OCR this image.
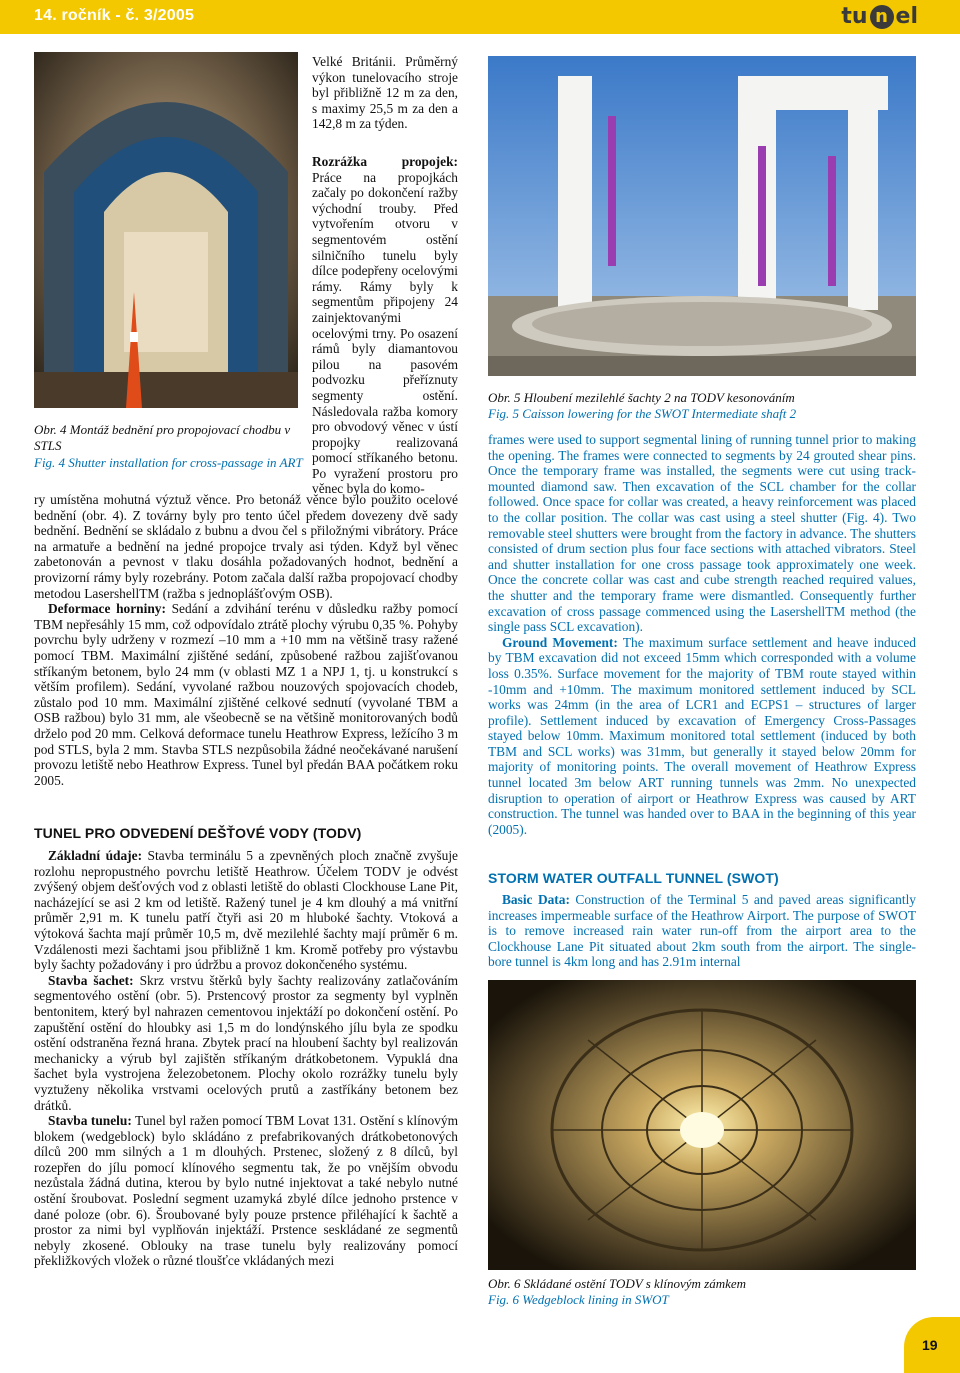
14. ročník - č. 3/2005	tu n el
Obr. 4 Montáž bednění pro propojovací chodbu v STLS
Fig. 4 Shutter installation for cross-passage in ART

Velké Británii. Průměrný výkon tunelovacího stroje byl přibližně 12 m za den, s maximy 25,5 m za den a 142,8 m za týden.

Rozrážka propojek: Práce na propojkách začaly po dokončení ražby východní trouby. Před vytvořením otvoru v segmentovém ostění silničního tunelu byly dílce podepřeny ocelovými rámy. Rámy byly k segmentům připojeny 24 zainjektovanými ocelovými trny. Po osazení rámů byly diamantovou pilou na pasovém podvozku přeříznuty segmenty ostění. Následovala ražba komory pro obvodový věnec v ústí propojky realizovaná pomocí stříkaného betonu. Po vyražení prostoru pro věnec byla do komo-

ry umístěna mohutná výztuž věnce. Pro betonáž věnce bylo použito ocelové bednění (obr. 4). Z továrny byly pro tento účel předem dovezeny dvě sady bednění. Bednění se skládalo z bubnu a dvou čel s přiložnými vibrátory. Práce na armatuře a bednění na jedné propojce trvaly asi týden. Když byl věnec zabetonován a pevnost v tlaku dosáhla požadovaných hodnot, bednění a provizorní rámy byly rozebrány. Potom začala další ražba propojovací chodby metodou LasershellTM (ražba s jednoplášťovým OSB).

Deformace horniny: Sedání a zdvihání terénu v důsledku ražby pomocí TBM nepřesáhly 15 mm, což odpovídalo ztrátě plochy výrubu 0,35 %. Pohyby povrchu byly udrženy v rozmezí –10 mm a +10 mm na většině trasy ražené pomocí TBM. Maximální zjištěné sedání, způsobené ražbou zajišťovanou stříkaným betonem, bylo 24 mm (v oblasti MZ 1 a NPJ 1, tj. u konstrukcí s větším profilem). Sedání, vyvolané ražbou nouzových spojovacích chodeb, zůstalo pod 10 mm. Maximální zjištěné celkové sednutí (vyvolané TBM a OSB ražbou) bylo 31 mm, ale všeobecně se na většině monitorovaných bodů drželo pod 20 mm. Celková deformace tunelu Heathrow Express, ležícího 3 m pod STLS, byla 2 mm. Stavba STLS nezpůsobila žádné neočekávané narušení provozu letiště nebo Heathrow Express. Tunel byl předán BAA počátkem roku 2005.

TUNEL PRO ODVEDENÍ DEŠŤOVÉ VODY (TODV)

Základní údaje: Stavba terminálu 5 a zpevněných ploch značně zvyšuje rozlohu nepropustného povrchu letiště Heathrow. Účelem TODV je odvést zvýšený objem dešťových vod z oblasti letiště do oblasti Clockhouse Lane Pit, nacházející se asi 2 km od letiště. Ražený tunel je 4 km dlouhý a má vnitřní průměr 2,91 m. K tunelu patří čtyři asi 20 m hluboké šachty. Vtoková a výtoková šachta mají průměr 10,5 m, dvě mezilehlé šachty mají průměr 6 m. Vzdálenosti mezi šachtami jsou přibližně 1 km. Kromě potřeby pro výstavbu byly šachty požadovány i pro údržbu a provoz dokončeného systému.

Stavba šachet: Skrz vrstvu štěrků byly šachty realizovány zatlačováním segmentového ostění (obr. 5). Prstencový prostor za segmenty byl vyplněn bentonitem, který byl nahrazen cementovou injektáží po dokončení ostění. Po zapuštění ostění do hloubky asi 1,5 m do londýnského jílu byla ze spodku ostění odstraněna řezná hrana. Zbytek prací na hloubení šachty byl realizován mechanicky a výrub byl zajištěn stříkaným drátkobetonem. Vypuklá dna šachet byla vystrojena železobetonem. Plochy okolo rozrážky tunelu byly vyztuženy několika vrstvami ocelových prutů a zastříkány betonem bez drátků.

Stavba tunelu: Tunel byl ražen pomocí TBM Lovat 131. Ostění s klínovým blokem (wedgeblock) bylo skládáno z prefabrikovaných drátkobetonových dílců 200 mm silných a 1 m dlouhých. Prstenec, složený z 8 dílců, byl rozepřen do jílu pomocí klínového segmentu tak, že po vnějším obvodu nezůstala žádná dutina, kterou by bylo nutné injektovat a také nebylo nutné ostění šroubovat. Poslední segment uzamyká zbylé dílce jednoho prstence v dané poloze (obr. 6). Šroubované byly pouze prstence přiléhající k šachtě a prostor za nimi byl vyplňován injektáží. Prstence seskládané ze segmentů nebyly zkosené. Oblouky na trase tunelu byly realizovány pomocí překližkových vložek o různé tloušťce vkládaných mezi

Obr. 5 Hloubení mezilehlé šachty 2 na TODV kesonováním
Fig. 5 Caisson lowering for the SWOT Intermediate shaft 2

frames were used to support segmental lining of running tunnel prior to making the opening. The frames were connected to segments by 24 grouted shear pins. Once the temporary frame was installed, the segments were cut using track-mounted diamond saw. Then excavation of the SCL chamber for the collar followed. Once space for collar was created, a heavy reinforcement was placed to the collar position. The collar was cast using a steel shutter (Fig. 4). Two removable steel shutters were brought from the factory in advance. The shutters consisted of drum section plus four face sections with attached vibrators. Steel and shutter installation for one cross passage took approximately one week. Once the concrete collar was cast and cube strength reached required values, the shutter and the temporary frame were dismantled. Consequently further excavation of cross passage commenced using the LasershellTM method (the single pass SCL excavation).

Ground Movement: The maximum surface settlement and heave induced by TBM excavation did not exceed 15mm which corresponded with a volume loss 0.35%. Surface movement for the majority of TBM route stayed within -10mm and +10mm. The maximum monitored settlement induced by SCL works was 24mm (in the area of LCR1 and ECPS1 – structures of larger profile). Settlement induced by excavation of Emergency Cross-Passages stayed below 10mm. Maximum monitored total settlement (induced by both TBM and SCL works) was 31mm, but generally it stayed below 20mm for majority of monitoring points. The overall movement of Heathrow Express tunnel located 3m below ART running tunnels was 2mm. No unexpected disruption to operation of airport or Heathrow Express was caused by ART construction. The tunnel was handed over to BAA in the beginning of this year (2005).

STORM WATER OUTFALL TUNNEL (SWOT)

Basic Data: Construction of the Terminal 5 and paved areas significantly increases impermeable surface of the Heathrow Airport. The purpose of SWOT is to remove increased rain water run-off from the airport area to the Clockhouse Lane Pit situated about 2km south from the airport. The single-bore tunnel is 4km long and has 2.91m internal

Obr. 6 Skládané ostění TODV s klínovým zámkem
Fig. 6 Wedgeblock lining in SWOT
19
